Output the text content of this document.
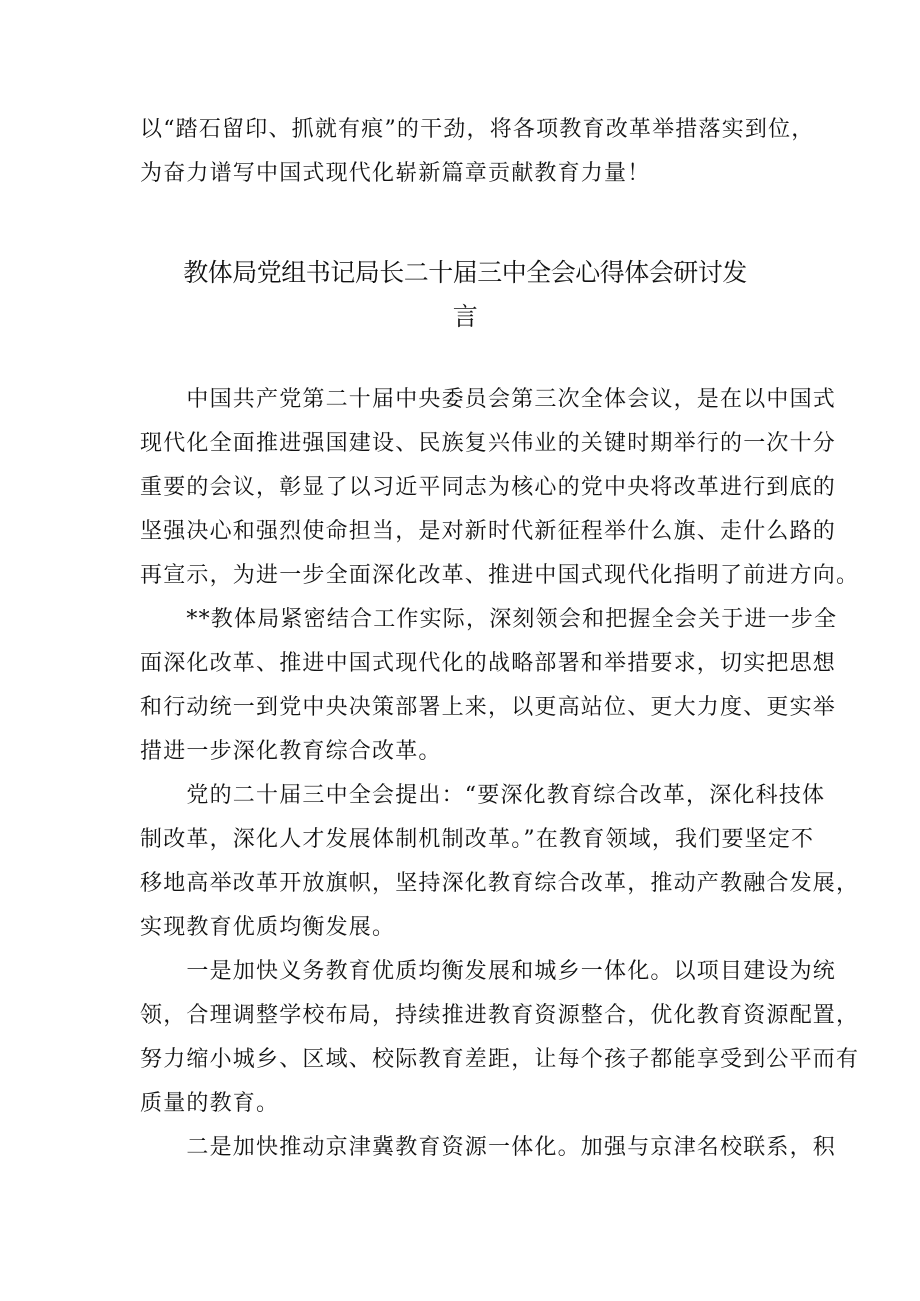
以“踏石留印、抓就有痕”的干劲，将各项教育改革举措落实到位，
为奋力谱写中国式现代化崭新篇章贡献教育力量！
教体局党组书记局长二十届三中全会心得体会研讨发
言
　　中国共产党第二十届中央委员会第三次全体会议，是在以中国式
现代化全面推进强国建设、民族复兴伟业的关键时期举行的一次十分
重要的会议，彰显了以习近平同志为核心的党中央将改革进行到底的
坚强决心和强烈使命担当，是对新时代新征程举什么旗、走什么路的
再宣示，为进一步全面深化改革、推进中国式现代化指明了前进方向。
　　**教体局紧密结合工作实际，深刻领会和把握全会关于进一步全
面深化改革、推进中国式现代化的战略部署和举措要求，切实把思想
和行动统一到党中央决策部署上来，以更高站位、更大力度、更实举
措进一步深化教育综合改革。
　　党的二十届三中全会提出：“要深化教育综合改革，深化科技体
制改革，深化人才发展体制机制改革。”在教育领域，我们要坚定不
移地高举改革开放旗帜，坚持深化教育综合改革，推动产教融合发展，
实现教育优质均衡发展。
　　一是加快义务教育优质均衡发展和城乡一体化。以项目建设为统
领，合理调整学校布局，持续推进教育资源整合，优化教育资源配置，
努力缩小城乡、区域、校际教育差距，让每个孩子都能享受到公平而有
质量的教育。
　　二是加快推动京津冀教育资源一体化。加强与京津名校联系，积
